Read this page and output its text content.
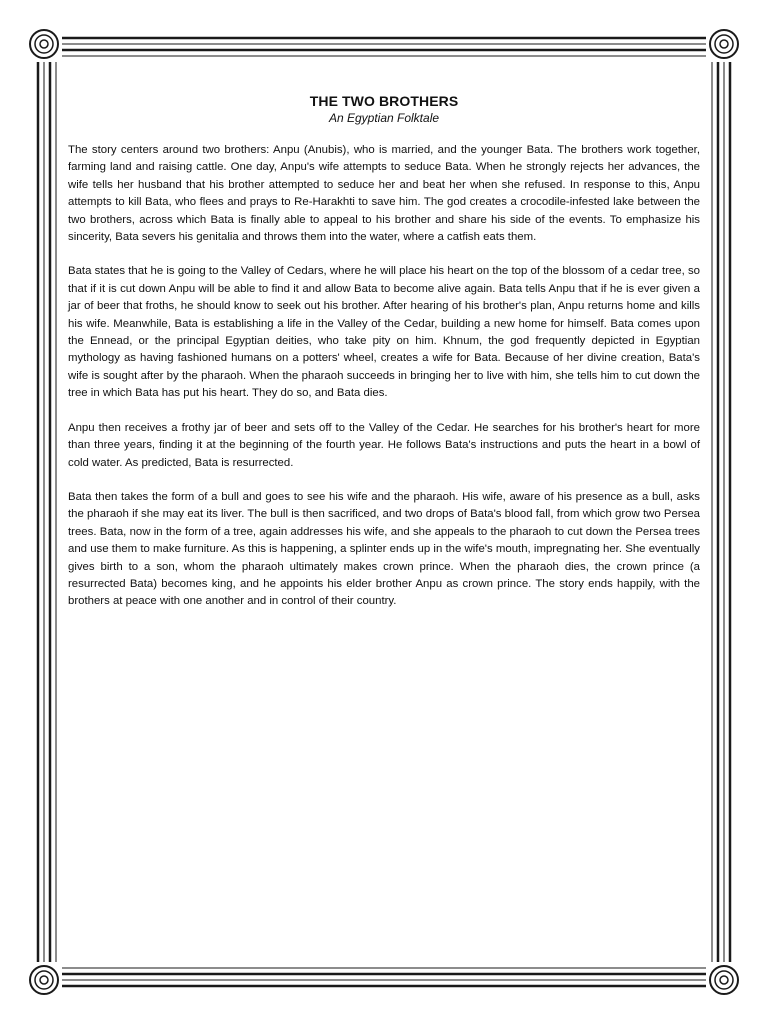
THE TWO BROTHERS
An Egyptian Folktale

The story centers around two brothers: Anpu (Anubis), who is married, and the younger Bata. The brothers work together, farming land and raising cattle. One day, Anpu's wife attempts to seduce Bata. When he strongly rejects her advances, the wife tells her husband that his brother attempted to seduce her and beat her when she refused. In response to this, Anpu attempts to kill Bata, who flees and prays to Re-Harakhti to save him. The god creates a crocodile-infested lake between the two brothers, across which Bata is finally able to appeal to his brother and share his side of the events. To emphasize his sincerity, Bata severs his genitalia and throws them into the water, where a catfish eats them.

Bata states that he is going to the Valley of Cedars, where he will place his heart on the top of the blossom of a cedar tree, so that if it is cut down Anpu will be able to find it and allow Bata to become alive again. Bata tells Anpu that if he is ever given a jar of beer that froths, he should know to seek out his brother. After hearing of his brother's plan, Anpu returns home and kills his wife. Meanwhile, Bata is establishing a life in the Valley of the Cedar, building a new home for himself. Bata comes upon the Ennead, or the principal Egyptian deities, who take pity on him. Khnum, the god frequently depicted in Egyptian mythology as having fashioned humans on a potters' wheel, creates a wife for Bata. Because of her divine creation, Bata's wife is sought after by the pharaoh. When the pharaoh succeeds in bringing her to live with him, she tells him to cut down the tree in which Bata has put his heart. They do so, and Bata dies.

Anpu then receives a frothy jar of beer and sets off to the Valley of the Cedar. He searches for his brother's heart for more than three years, finding it at the beginning of the fourth year. He follows Bata's instructions and puts the heart in a bowl of cold water. As predicted, Bata is resurrected.

Bata then takes the form of a bull and goes to see his wife and the pharaoh. His wife, aware of his presence as a bull, asks the pharaoh if she may eat its liver. The bull is then sacrificed, and two drops of Bata's blood fall, from which grow two Persea trees. Bata, now in the form of a tree, again addresses his wife, and she appeals to the pharaoh to cut down the Persea trees and use them to make furniture. As this is happening, a splinter ends up in the wife's mouth, impregnating her. She eventually gives birth to a son, whom the pharaoh ultimately makes crown prince. When the pharaoh dies, the crown prince (a resurrected Bata) becomes king, and he appoints his elder brother Anpu as crown prince. The story ends happily, with the brothers at peace with one another and in control of their country.
